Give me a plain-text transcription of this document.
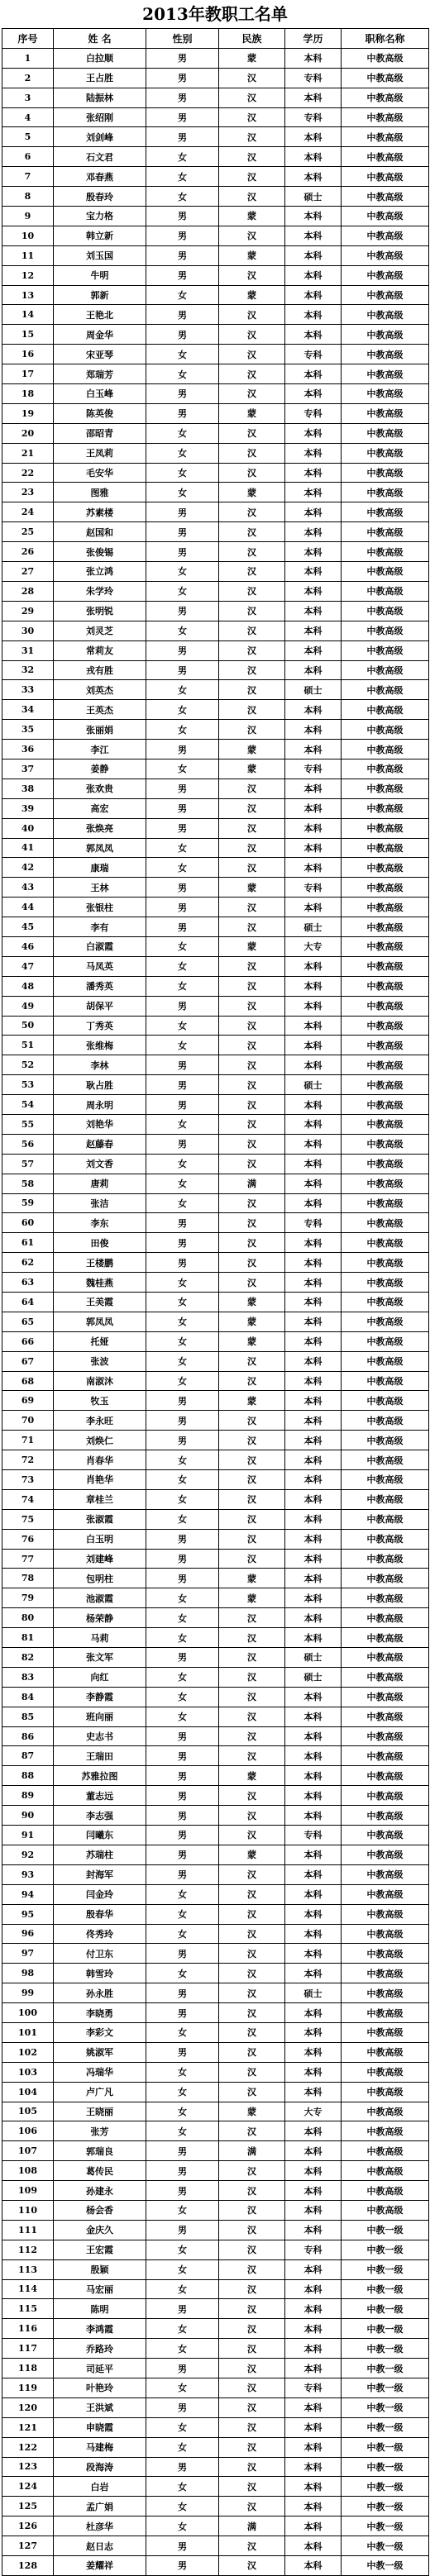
2013年教职工名单
序号	姓 名	性别	民族	学历	职称名称
1	白拉顺	男	蒙	本科	中教高级
2	王占胜	男	汉	专科	中教高级
3	陆振林	男	汉	本科	中教高级
4	张绍刚	男	汉	专科	中教高级
5	刘剑峰	男	汉	本科	中教高级
6	石文君	女	汉	本科	中教高级
7	邓春燕	女	汉	本科	中教高级
8	殷春玲	女	汉	硕士	中教高级
9	宝力格	男	蒙	本科	中教高级
10	韩立新	男	汉	本科	中教高级
11	刘玉国	男	蒙	本科	中教高级
12	牛明	男	汉	本科	中教高级
13	郭新	女	蒙	本科	中教高级
14	王艳北	男	汉	本科	中教高级
15	周金华	男	汉	本科	中教高级
16	宋亚琴	女	汉	专科	中教高级
17	郑瑞芳	女	汉	本科	中教高级
18	白玉峰	男	汉	本科	中教高级
19	陈英俊	男	蒙	专科	中教高级
20	邵昭青	女	汉	本科	中教高级
21	王凤莉	女	汉	本科	中教高级
22	毛安华	女	汉	本科	中教高级
23	图雅	女	蒙	本科	中教高级
24	苏素楼	男	汉	本科	中教高级
25	赵国和	男	汉	本科	中教高级
26	张俊锡	男	汉	本科	中教高级
27	张立鸿	女	汉	本科	中教高级
28	朱学玲	女	汉	本科	中教高级
29	张明锐	男	汉	本科	中教高级
30	刘灵芝	女	汉	本科	中教高级
31	常莉友	男	汉	本科	中教高级
32	戎有胜	男	汉	本科	中教高级
33	刘英杰	女	汉	硕士	中教高级
34	王英杰	女	汉	本科	中教高级
35	张丽娟	女	汉	本科	中教高级
36	李江	男	蒙	本科	中教高级
37	姜静	女	蒙	专科	中教高级
38	张欢贵	男	汉	本科	中教高级
39	高宏	男	汉	本科	中教高级
40	张焕亮	男	汉	本科	中教高级
41	郭凤凤	女	汉	本科	中教高级
42	康瑞	女	汉	本科	中教高级
43	王林	男	蒙	专科	中教高级
44	张银柱	男	汉	本科	中教高级
45	李有	男	汉	硕士	中教高级
46	白淑霞	女	蒙	大专	中教高级
47	马凤英	女	汉	本科	中教高级
48	潘秀英	女	汉	本科	中教高级
49	胡保平	男	汉	本科	中教高级
50	丁秀英	女	汉	本科	中教高级
51	张维梅	女	汉	本科	中教高级
52	李林	男	汉	本科	中教高级
53	耿占胜	男	汉	硕士	中教高级
54	周永明	男	汉	本科	中教高级
55	刘艳华	女	汉	本科	中教高级
56	赵藤春	男	汉	本科	中教高级
57	刘文香	女	汉	本科	中教高级
58	唐莉	女	满	本科	中教高级
59	张洁	女	汉	本科	中教高级
60	李东	男	汉	专科	中教高级
61	田俊	男	汉	本科	中教高级
62	王楼鹏	男	汉	本科	中教高级
63	魏桂燕	女	汉	本科	中教高级
64	王美霞	女	蒙	本科	中教高级
65	郭凤凤	女	蒙	本科	中教高级
66	托娅	女	蒙	本科	中教高级
67	张波	女	汉	本科	中教高级
68	南淑沐	女	汉	本科	中教高级
69	牧玉	男	蒙	本科	中教高级
70	李永旺	男	汉	本科	中教高级
71	刘焕仁	男	汉	本科	中教高级
72	肖春华	女	汉	本科	中教高级
73	肖艳华	女	汉	本科	中教高级
74	章桂兰	女	汉	本科	中教高级
75	张淑霞	女	汉	本科	中教高级
76	白玉明	男	汉	本科	中教高级
77	刘建峰	男	汉	本科	中教高级
78	包明柱	男	蒙	本科	中教高级
79	池淑霞	女	蒙	本科	中教高级
80	杨荣静	女	汉	本科	中教高级
81	马莉	女	汉	本科	中教高级
82	张文军	男	汉	硕士	中教高级
83	向红	女	汉	硕士	中教高级
84	李静霞	女	汉	本科	中教高级
85	班向丽	女	汉	本科	中教高级
86	史志书	男	汉	本科	中教高级
87	王瑞田	男	汉	本科	中教高级
88	苏雅拉图	男	蒙	本科	中教高级
89	董志远	男	汉	本科	中教高级
90	李志强	男	汉	本科	中教高级
91	闫曦东	男	汉	专科	中教高级
92	苏瑞柱	男	蒙	本科	中教高级
93	封海军	男	汉	本科	中教高级
94	闫金玲	女	汉	本科	中教高级
95	殷春华	女	汉	本科	中教高级
96	佟秀玲	女	汉	本科	中教高级
97	付卫东	男	汉	本科	中教高级
98	韩雪玲	女	汉	本科	中教高级
99	孙永胜	男	汉	硕士	中教高级
100	李晓勇	男	汉	本科	中教高级
101	李彩文	女	汉	本科	中教高级
102	姚淑军	男	汉	本科	中教高级
103	冯瑞华	女	汉	本科	中教高级
104	卢广凡	女	汉	本科	中教高级
105	王晓丽	女	蒙	大专	中教高级
106	张芳	女	汉	本科	中教高级
107	郭瑞良	男	满	本科	中教高级
108	葛传民	男	汉	本科	中教高级
109	孙建永	男	汉	本科	中教高级
110	杨会香	女	汉	本科	中教高级
111	金庆久	男	汉	本科	中教一级
112	王宏霞	女	汉	专科	中教一级
113	殷颖	女	汉	本科	中教一级
114	马宏丽	女	汉	本科	中教一级
115	陈明	男	汉	本科	中教一级
116	李鸿霞	女	汉	本科	中教一级
117	乔路玲	女	汉	本科	中教一级
118	司延平	男	汉	本科	中教一级
119	叶艳玲	女	汉	专科	中教一级
120	王洪斌	男	汉	本科	中教一级
121	申晓霞	女	汉	本科	中教一级
122	马建梅	女	汉	本科	中教一级
123	段海涛	男	汉	本科	中教一级
124	白岩	女	汉	本科	中教一级
125	孟广娟	女	汉	本科	中教一级
126	杜彦华	女	满	本科	中教一级
127	赵日志	男	汉	本科	中教一级
128	姜耀祥	男	汉	本科	中教一级
